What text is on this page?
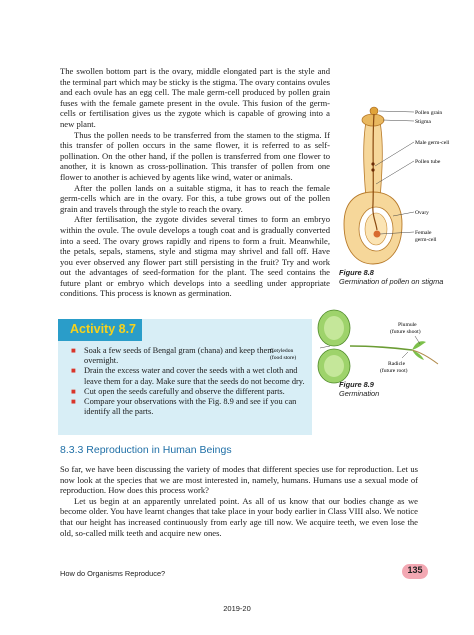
The swollen bottom part is the ovary, middle elongated part is the style and the terminal part which may be sticky is the stigma. The ovary contains ovules and each ovule has an egg cell. The male germ-cell produced by pollen grain fuses with the female gamete present in the ovule. This fusion of the germ-cells or fertilisation gives us the zygote which is capable of growing into a new plant.

Thus the pollen needs to be transferred from the stamen to the stigma. If this transfer of pollen occurs in the same flower, it is referred to as self-pollination. On the other hand, if the pollen is transferred from one flower to another, it is known as cross-pollination. This transfer of pollen from one flower to another is achieved by agents like wind, water or animals.

After the pollen lands on a suitable stigma, it has to reach the female germ-cells which are in the ovary. For this, a tube grows out of the pollen grain and travels through the style to reach the ovary.

After fertilisation, the zygote divides several times to form an embryo within the ovule. The ovule develops a tough coat and is gradually converted into a seed. The ovary grows rapidly and ripens to form a fruit. Meanwhile, the petals, sepals, stamens, style and stigma may shrivel and fall off. Have you ever observed any flower part still persisting in the fruit? Try and work out the advantages of seed-formation for the plant. The seed contains the future plant or embryo which develops into a seedling under appropriate conditions. This process is known as germination.

Pollen grain
Stigma
Male germ-cell
Pollen tube
Ovary
Female
germ-cell
Figure 8.8
Germination of pollen on stigma
Activity 8.7
■ Soak a few seeds of Bengal gram (chana) and keep them overnight.
■ Drain the excess water and cover the seeds with a wet cloth and leave them for a day. Make sure that the seeds do not become dry.
■ Cut open the seeds carefully and observe the different parts.
■ Compare your observations with the Fig. 8.9 and see if you can identify all the parts.
Cotyledon
(food store)
Plumule
(future shoot)
Radicle
(future root)
Figure 8.9
Germination
8.3.3 Reproduction in Human Beings

So far, we have been discussing the variety of modes that different species use for reproduction. Let us now look at the species that we are most interested in, namely, humans. Humans use a sexual mode of reproduction. How does this process work?

Let us begin at an apparently unrelated point. As all of us know that our bodies change as we become older. You have learnt changes that take place in your body earlier in Class VIII also. We notice that our height has increased continuously from early age till now. We acquire teeth, we even lose the old, so-called milk teeth and acquire new ones.

How do Organisms Reproduce?	135
2019-20
